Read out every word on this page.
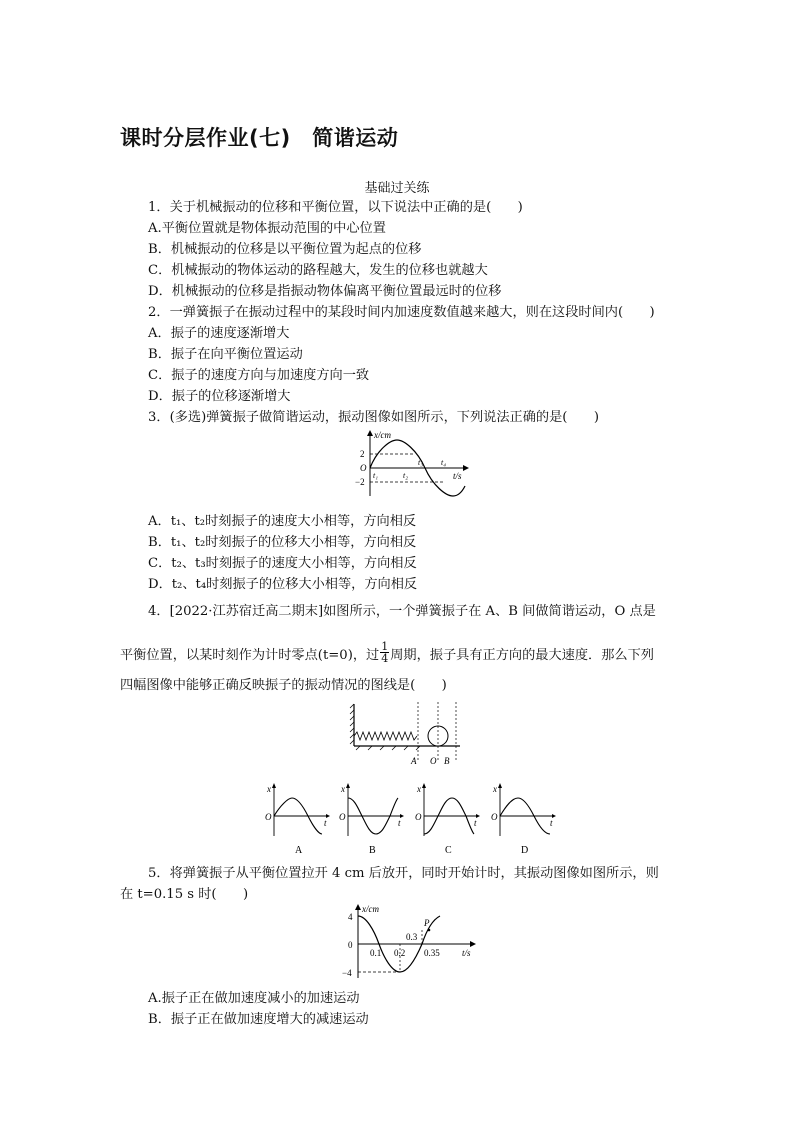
课时分层作业(七)　简谐运动
基础过关练
1．关于机械振动的位移和平衡位置，以下说法中正确的是(　　)
A.平衡位置就是物体振动范围的中心位置
B．机械振动的位移是以平衡位置为起点的位移
C．机械振动的物体运动的路程越大，发生的位移也就越大
D．机械振动的位移是指振动物体偏离平衡位置最远时的位移
2．一弹簧振子在振动过程中的某段时间内加速度数值越来越大，则在这段时间内(　　)
A．振子的速度逐渐增大
B．振子在向平衡位置运动
C．振子的速度方向与加速度方向一致
D．振子的位移逐渐增大
3．(多选)弹簧振子做简谐运动，振动图像如图所示，下列说法正确的是(　　)
x/cm
2
O
−2
t₁	t₂
t₃ t₄
t/s
A．t₁、t₂时刻振子的速度大小相等，方向相反
B．t₁、t₂时刻振子的位移大小相等，方向相反
C．t₂、t₃时刻振子的速度大小相等，方向相反
D．t₂、t₄时刻振子的位移大小相等，方向相反
4．[2022·江苏宿迁高二期末]如图所示，一个弹簧振子在 A、B 间做简谐运动，O 点是
平衡位置，以某时刻作为计时零点(t=0)，过 $\frac{1}{4}$ 周期，振子具有正方向的最大速度．那么下列
四幅图像中能够正确反映振子的振动情况的图线是(　　)
A O B
x
O
t
A
x
O
t
B
x
O
t
C
x
O
t
D
5．将弹簧振子从平衡位置拉开 4 cm 后放开，同时开始计时，其振动图像如图所示，则
在 t=0.15 s 时(　　)
x/cm
4
0
−4
0.1 0.2
0.3
0.35
P
t/s
A.振子正在做加速度减小的加速运动
B．振子正在做加速度增大的减速运动
